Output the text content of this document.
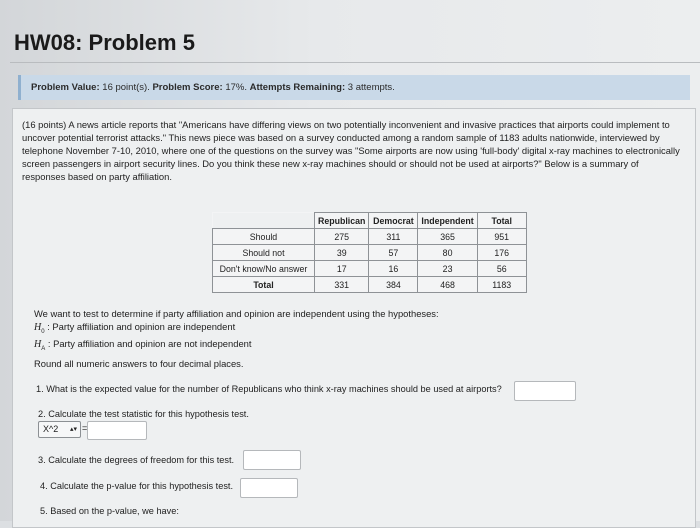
HW08: Problem 5
Problem Value: 16 point(s). Problem Score: 17%. Attempts Remaining: 3 attempts.
(16 points) A news article reports that "Americans have differing views on two potentially inconvenient and invasive practices that airports could implement to uncover potential terrorist attacks." This news piece was based on a survey conducted among a random sample of 1183 adults nationwide, interviewed by telephone November 7-10, 2010, where one of the questions on the survey was "Some airports are now using 'full-body' digital x-ray machines to electronically screen passengers in airport security lines. Do you think these new x-ray machines should or should not be used at airports?" Below is a summary of responses based on party affiliation.
	Republican	Democrat	Independent	Total
Should	275	311	365	951
Should not	39	57	80	176
Don't know/No answer	17	16	23	56
Total	331	384	468	1183
We want to test to determine if party affiliation and opinion are independent using the hypotheses:
$H_0$ : Party affiliation and opinion are independent
$H_A$ : Party affiliation and opinion are not independent
Round all numeric answers to four decimal places.
1. What is the expected value for the number of Republicans who think x-ray machines should be used at airports?
2. Calculate the test statistic for this hypothesis test.
X^2 ▴▾ =
3. Calculate the degrees of freedom for this test.
4. Calculate the p-value for this hypothesis test.
5. Based on the p-value, we have:
